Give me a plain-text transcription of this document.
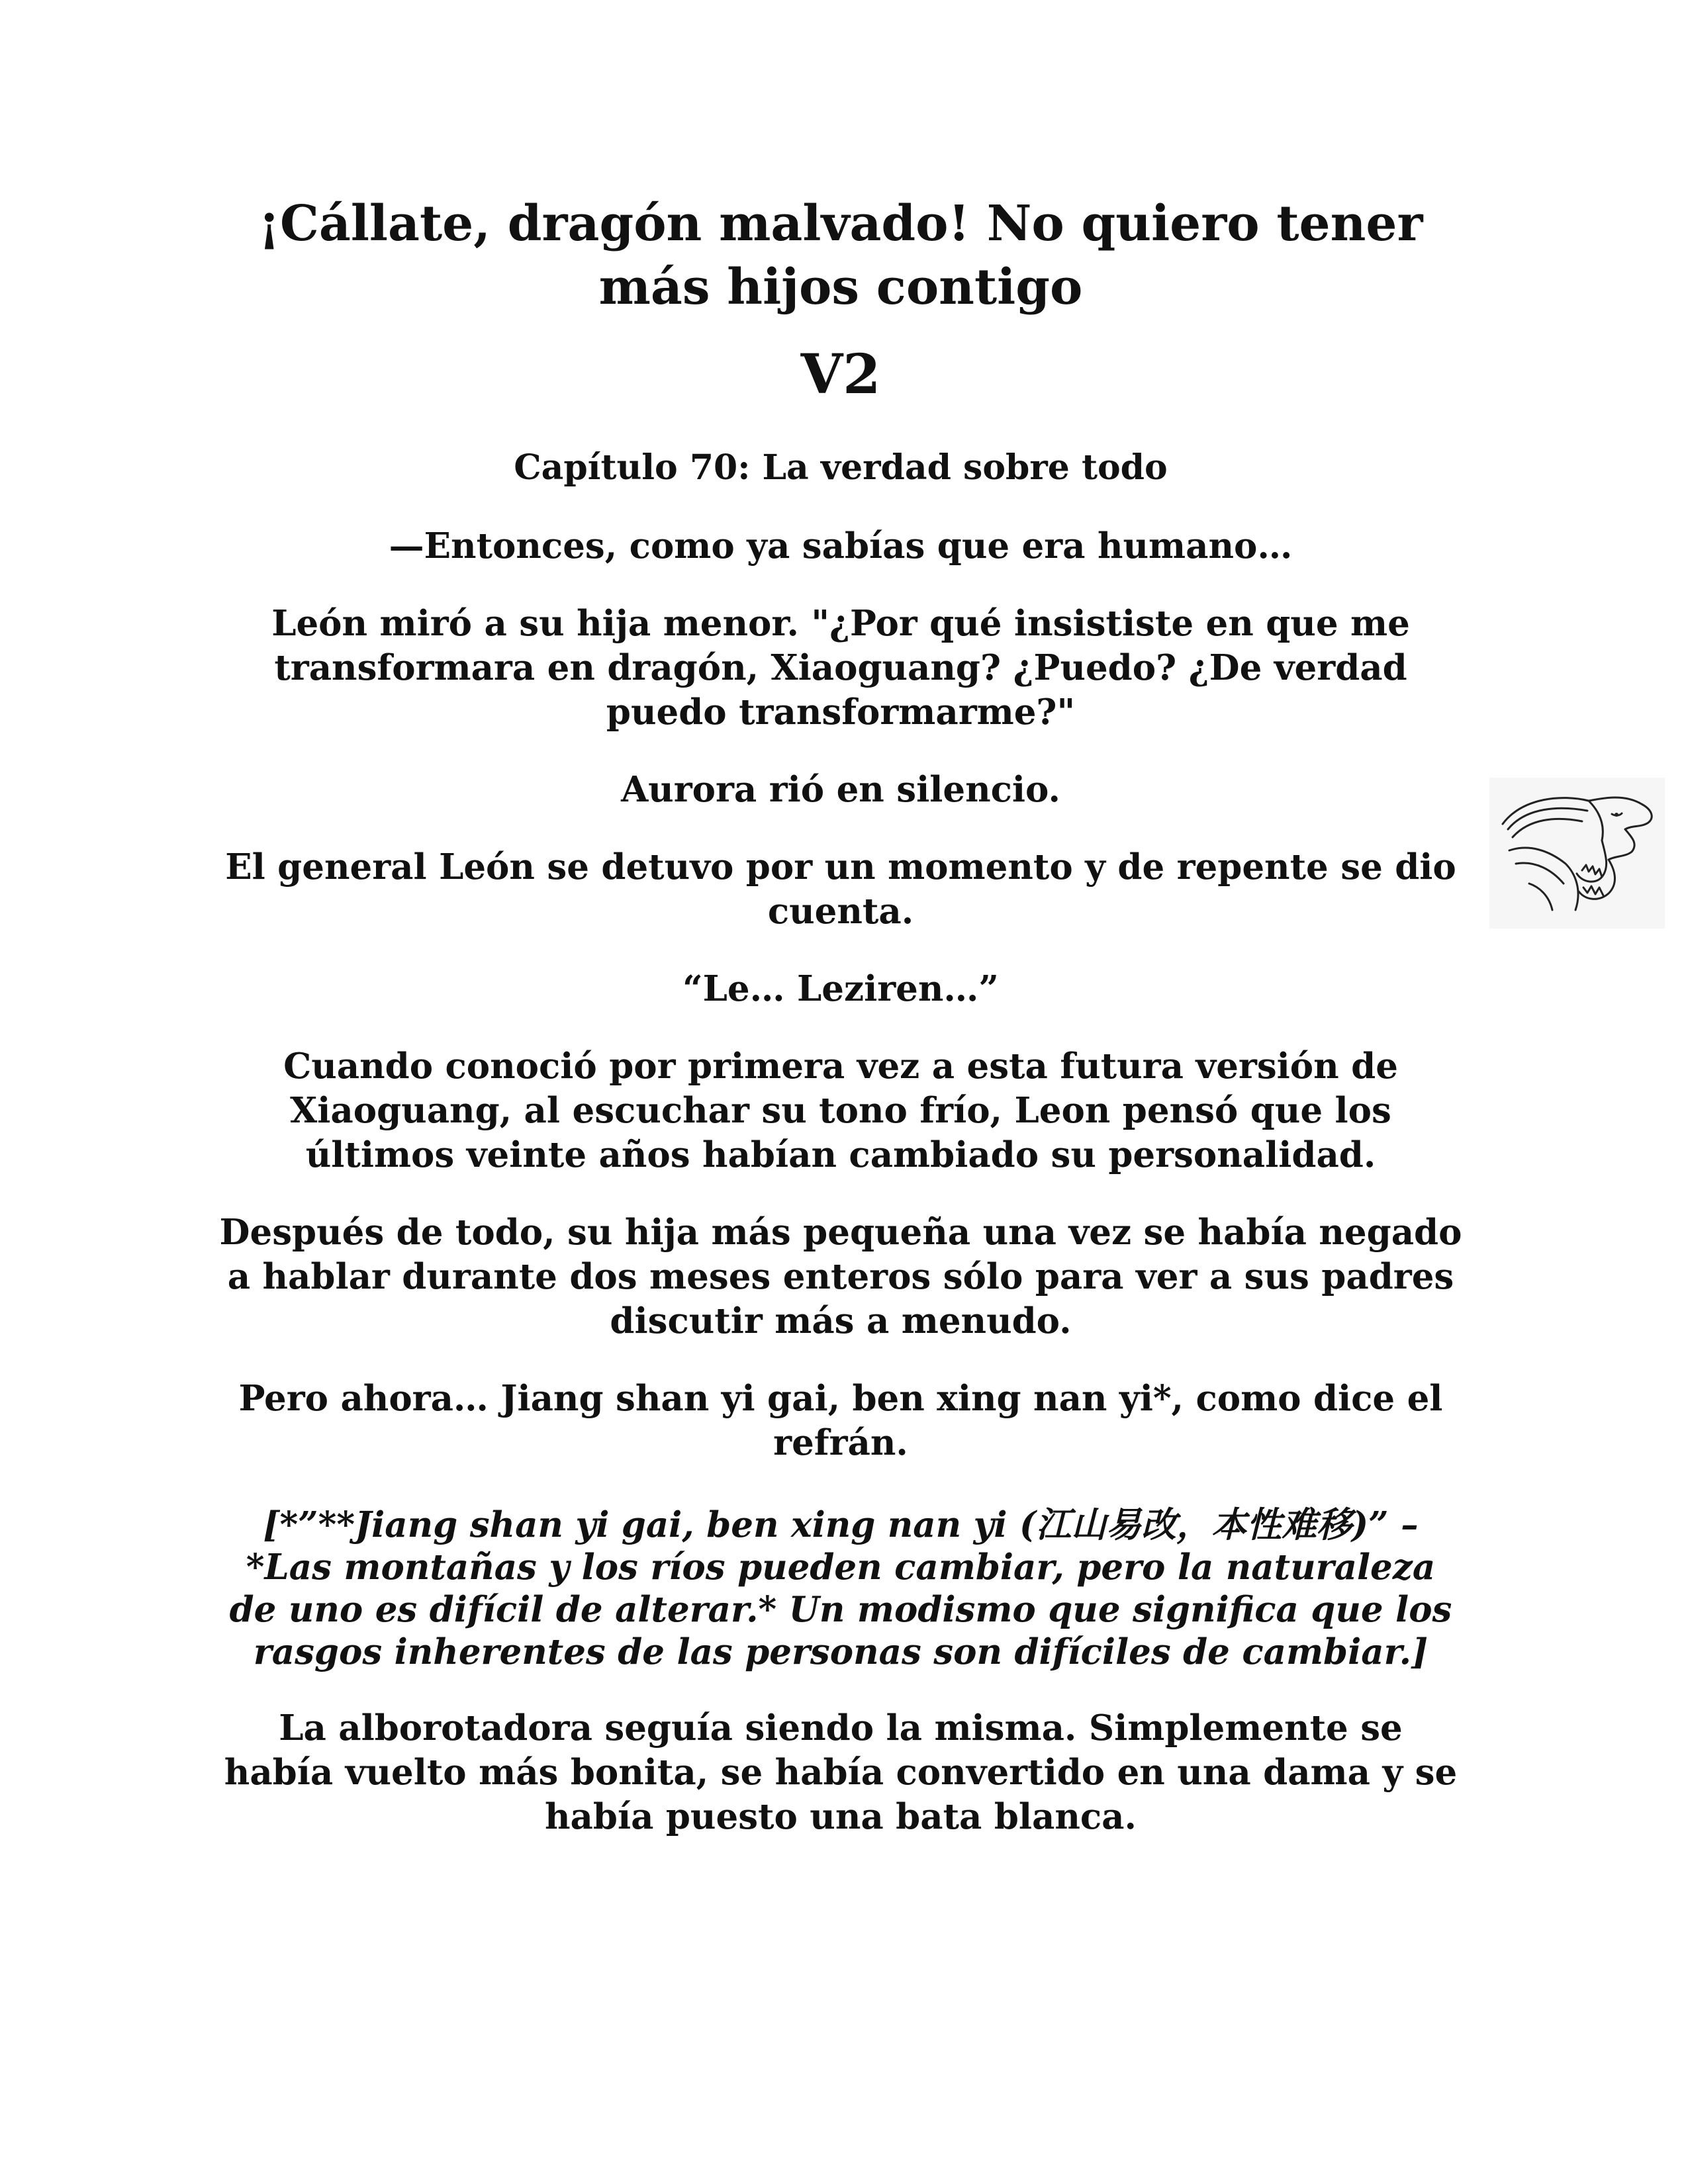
¡Cállate, dragón malvado! No quiero tener
más hijos contigo
V2
Capítulo 70: La verdad sobre todo

—Entonces, como ya sabías que era humano…

León miró a su hija menor. "¿Por qué insististe en que me transformara en dragón, Xiaoguang? ¿Puedo? ¿De verdad puedo transformarme?"

Aurora rió en silencio.

El general León se detuvo por un momento y de repente se dio cuenta.

“Le… Leziren…”

Cuando conoció por primera vez a esta futura versión de Xiaoguang, al escuchar su tono frío, Leon pensó que los últimos veinte años habían cambiado su personalidad.

Después de todo, su hija más pequeña una vez se había negado a hablar durante dos meses enteros sólo para ver a sus padres discutir más a menudo.

Pero ahora… Jiang shan yi gai, ben xing nan yi*, como dice el refrán.

[*”**Jiang shan yi gai, ben xing nan yi (江山易改，本性难移)” – *Las montañas y los ríos pueden cambiar, pero la naturaleza de uno es difícil de alterar.* Un modismo que significa que los rasgos inherentes de las personas son difíciles de cambiar.]

La alborotadora seguía siendo la misma. Simplemente se había vuelto más bonita, se había convertido en una dama y se había puesto una bata blanca.
